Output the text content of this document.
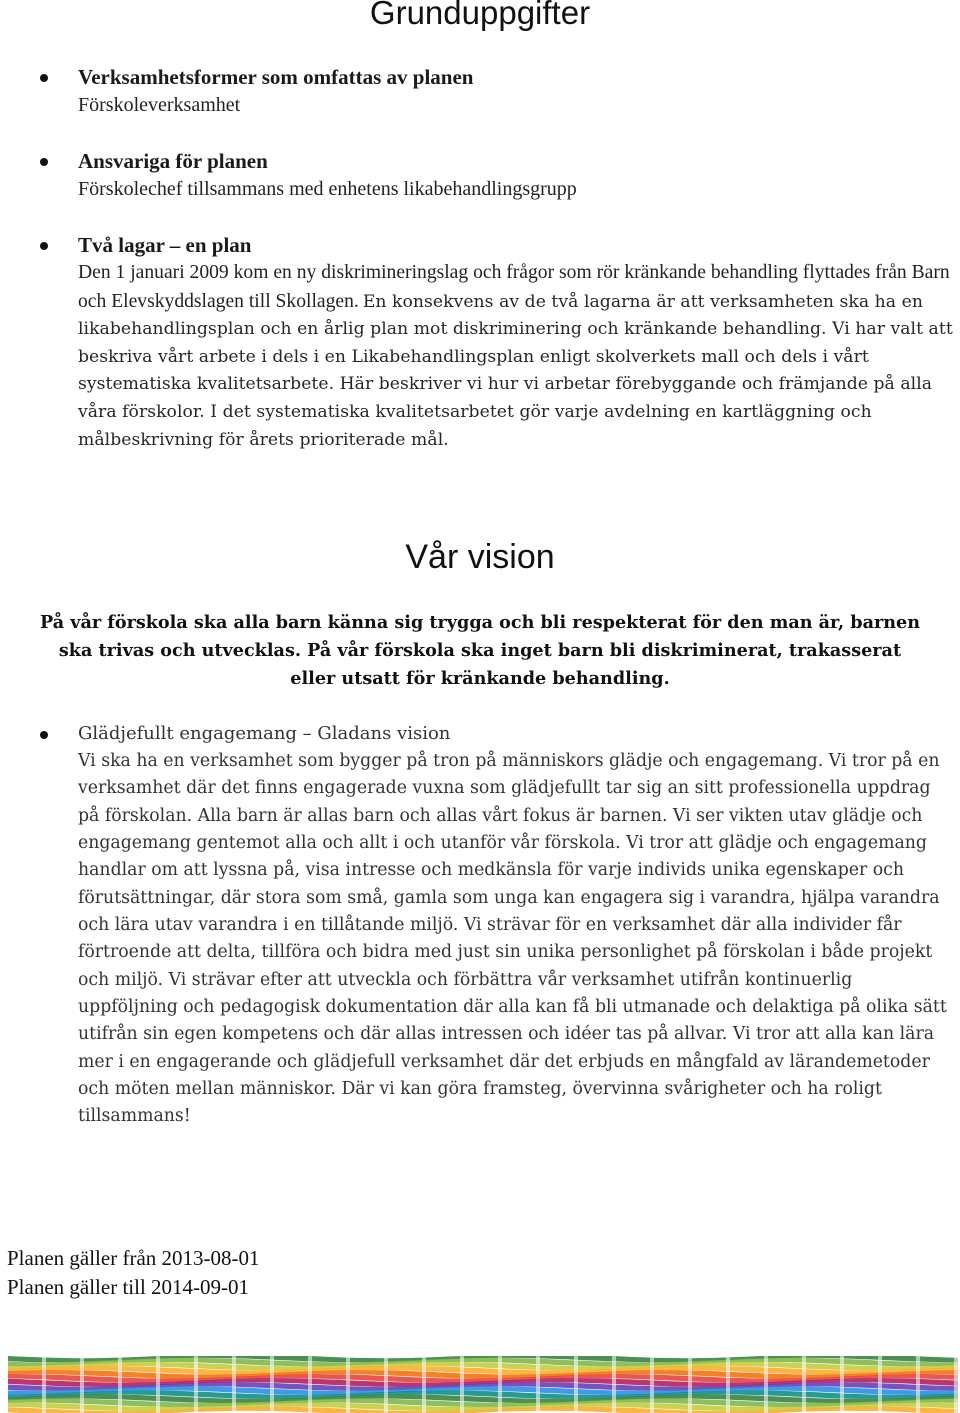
Grunduppgifter
Verksamhetsformer som omfattas av planen
Förskoleverksamhet
Ansvariga för planen
Förskolechef tillsammans med enhetens likabehandlingsgrupp
Två lagar – en plan
Den 1 januari 2009 kom en ny diskrimineringslag och frågor som rör kränkande behandling flyttades från Barn och Elevskyddslagen till Skollagen. En konsekvens av de två lagarna är att verksamheten ska ha en likabehandlingsplan och en årlig plan mot diskriminering och kränkande behandling. Vi har valt att beskriva vårt arbete i dels i en Likabehandlingsplan enligt skolverkets mall och dels i vårt systematiska kvalitetsarbete. Här beskriver vi hur vi arbetar förebyggande och främjande på alla våra förskolor. I det systematiska kvalitetsarbetet gör varje avdelning en kartläggning och målbeskrivning för årets prioriterade mål.
Vår vision
På vår förskola ska alla barn känna sig trygga och bli respekterat för den man är, barnen ska trivas och utvecklas. På vår förskola ska inget barn bli diskriminerat, trakasserat eller utsatt för kränkande behandling.
Glädjefullt engagemang – Gladans vision
Vi ska ha en verksamhet som bygger på tron på människors glädje och engagemang. Vi tror på en verksamhet där det finns engagerade vuxna som glädjefullt tar sig an sitt professionella uppdrag på förskolan. Alla barn är allas barn och allas vårt fokus är barnen. Vi ser vikten utav glädje och engagemang gentemot alla och allt i och utanför vår förskola. Vi tror att glädje och engagemang handlar om att lyssna på, visa intresse och medkänsla för varje individs unika egenskaper och förutsättningar, där stora som små, gamla som unga kan engagera sig i varandra, hjälpa varandra och lära utav varandra i en tillåtande miljö. Vi strävar för en verksamhet där alla individer får förtroende att delta, tillföra och bidra med just sin unika personlighet på förskolan i både projekt och miljö. Vi strävar efter att utveckla och förbättra vår verksamhet utifrån kontinuerlig uppföljning och pedagogisk dokumentation där alla kan få bli utmanade och delaktiga på olika sätt utifrån sin egen kompetens och där allas intressen och idéer tas på allvar. Vi tror att alla kan lära mer i en engagerande och glädjefull verksamhet där det erbjuds en mångfald av lärandemetoder och möten mellan människor. Där vi kan göra framsteg, övervinna svårigheter och ha roligt tillsammans!
Planen gäller från 2013-08-01
Planen gäller till 2014-09-01
